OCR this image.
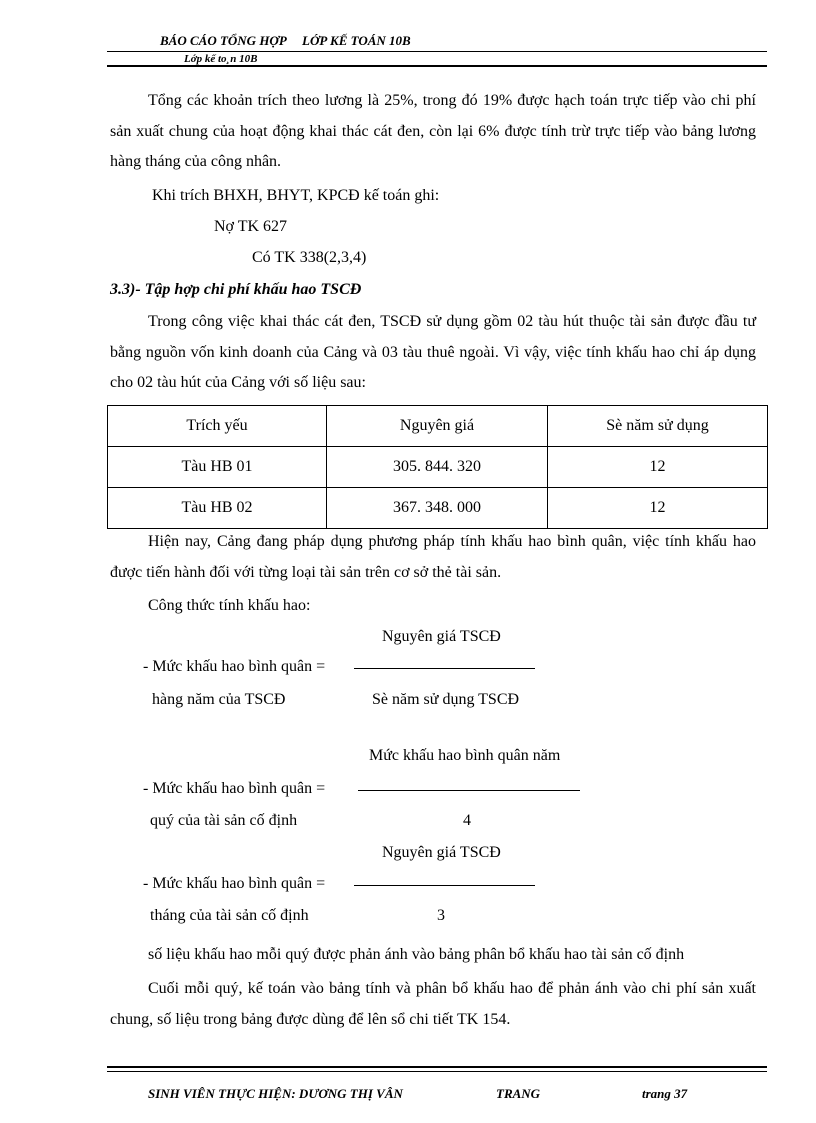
BÁO CÁO TỔNG HỢP LỚP KẾ TOÁN 10B
Lớp kế to¸n 10B
Tổng các khoản trích theo lương là 25%, trong đó 19% được hạch toán trực tiếp vào chi phí sản xuất chung của hoạt động khai thác cát đen, còn lại 6% được tính trừ trực tiếp vào bảng lương hàng tháng của công nhân.
Khi trích BHXH, BHYT, KPCĐ kế toán ghi:
Nợ TK 627
Có TK 338(2,3,4)
3.3)- Tập hợp chi phí khấu hao TSCĐ
Trong công việc khai thác cát đen, TSCĐ sử dụng gồm 02 tàu hút thuộc tài sản được đầu tư bằng nguồn vốn kinh doanh của Cảng và 03 tàu thuê ngoài. Vì vậy, việc tính khấu hao chỉ áp dụng cho 02 tàu hút của Cảng với số liệu sau:
Trích yếu	Nguyên giá	Sè năm sử dụng
Tàu HB 01	305. 844. 320	12
Tàu HB 02	367. 348. 000	12
Hiện nay, Cảng đang pháp dụng phương pháp tính khấu hao bình quân, việc tính khấu hao được tiến hành đối với từng loại tài sản trên cơ sở thẻ tài sản.
Công thức tính khấu hao:
Nguyên giá TSCĐ
- Mức khấu hao bình quân =
hàng năm của TSCĐ	Sè năm sử dụng TSCĐ
Mức khấu hao bình quân năm
- Mức khấu hao bình quân =
quý của tài sản cố định	4
Nguyên giá TSCĐ
- Mức khấu hao bình quân =
tháng của tài sản cố định	3
số liệu khấu hao mỗi quý được phản ánh vào bảng phân bổ khấu hao tài sản cố định
Cuối mỗi quý, kế toán vào bảng tính và phân bổ khấu hao để phản ánh vào chi phí sản xuất chung, số liệu trong bảng được dùng để lên sổ chi tiết TK 154.
SINH VIÊN THỰC HIỆN: DƯƠNG THỊ VÂN	TRANG	trang 37
